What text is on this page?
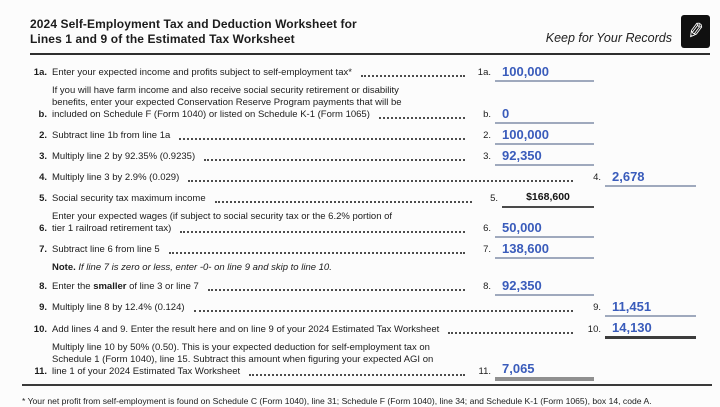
2024 Self-Employment Tax and Deduction Worksheet for
Lines 1 and 9 of the Estimated Tax Worksheet	Keep for Your Records
✎
1a. Enter your expected income and profits subject to self-employment tax*	1a. 100,000
b.
If you will have farm income and also receive social security retirement or disability
benefits, enter your expected Conservation Reserve Program payments that will be
included on Schedule F (Form 1040) or listed on Schedule K-1 (Form 1065)	b. 0
2. Subtract line 1b from line 1a	2. 100,000
3. Multiply line 2 by 92.35% (0.9235)	3. 92,350
4. Multiply line 3 by 2.9% (0.029)	4. 2,678
5. Social security tax maximum income	5.	$168,600
6.
Enter your expected wages (if subject to social security tax or the 6.2% portion of
tier 1 railroad retirement tax)	6. 50,000
7. Subtract line 6 from line 5	7. 138,600
Note. If line 7 is zero or less, enter -0- on line 9 and skip to line 10.
8. Enter the smaller of line 3 or line 7	8. 92,350
9. Multiply line 8 by 12.4% (0.124)	9. 11,451
10. Add lines 4 and 9. Enter the result here and on line 9 of your 2024 Estimated Tax Worksheet	10. 14,130
11.
Multiply line 10 by 50% (0.50). This is your expected deduction for self-employment tax on
Schedule 1 (Form 1040), line 15. Subtract this amount when figuring your expected AGI on
line 1 of your 2024 Estimated Tax Worksheet	11. 7,065
* Your net profit from self-employment is found on Schedule C (Form 1040), line 31; Schedule F (Form 1040), line 34; and Schedule K-1 (Form 1065), box 14, code A.
